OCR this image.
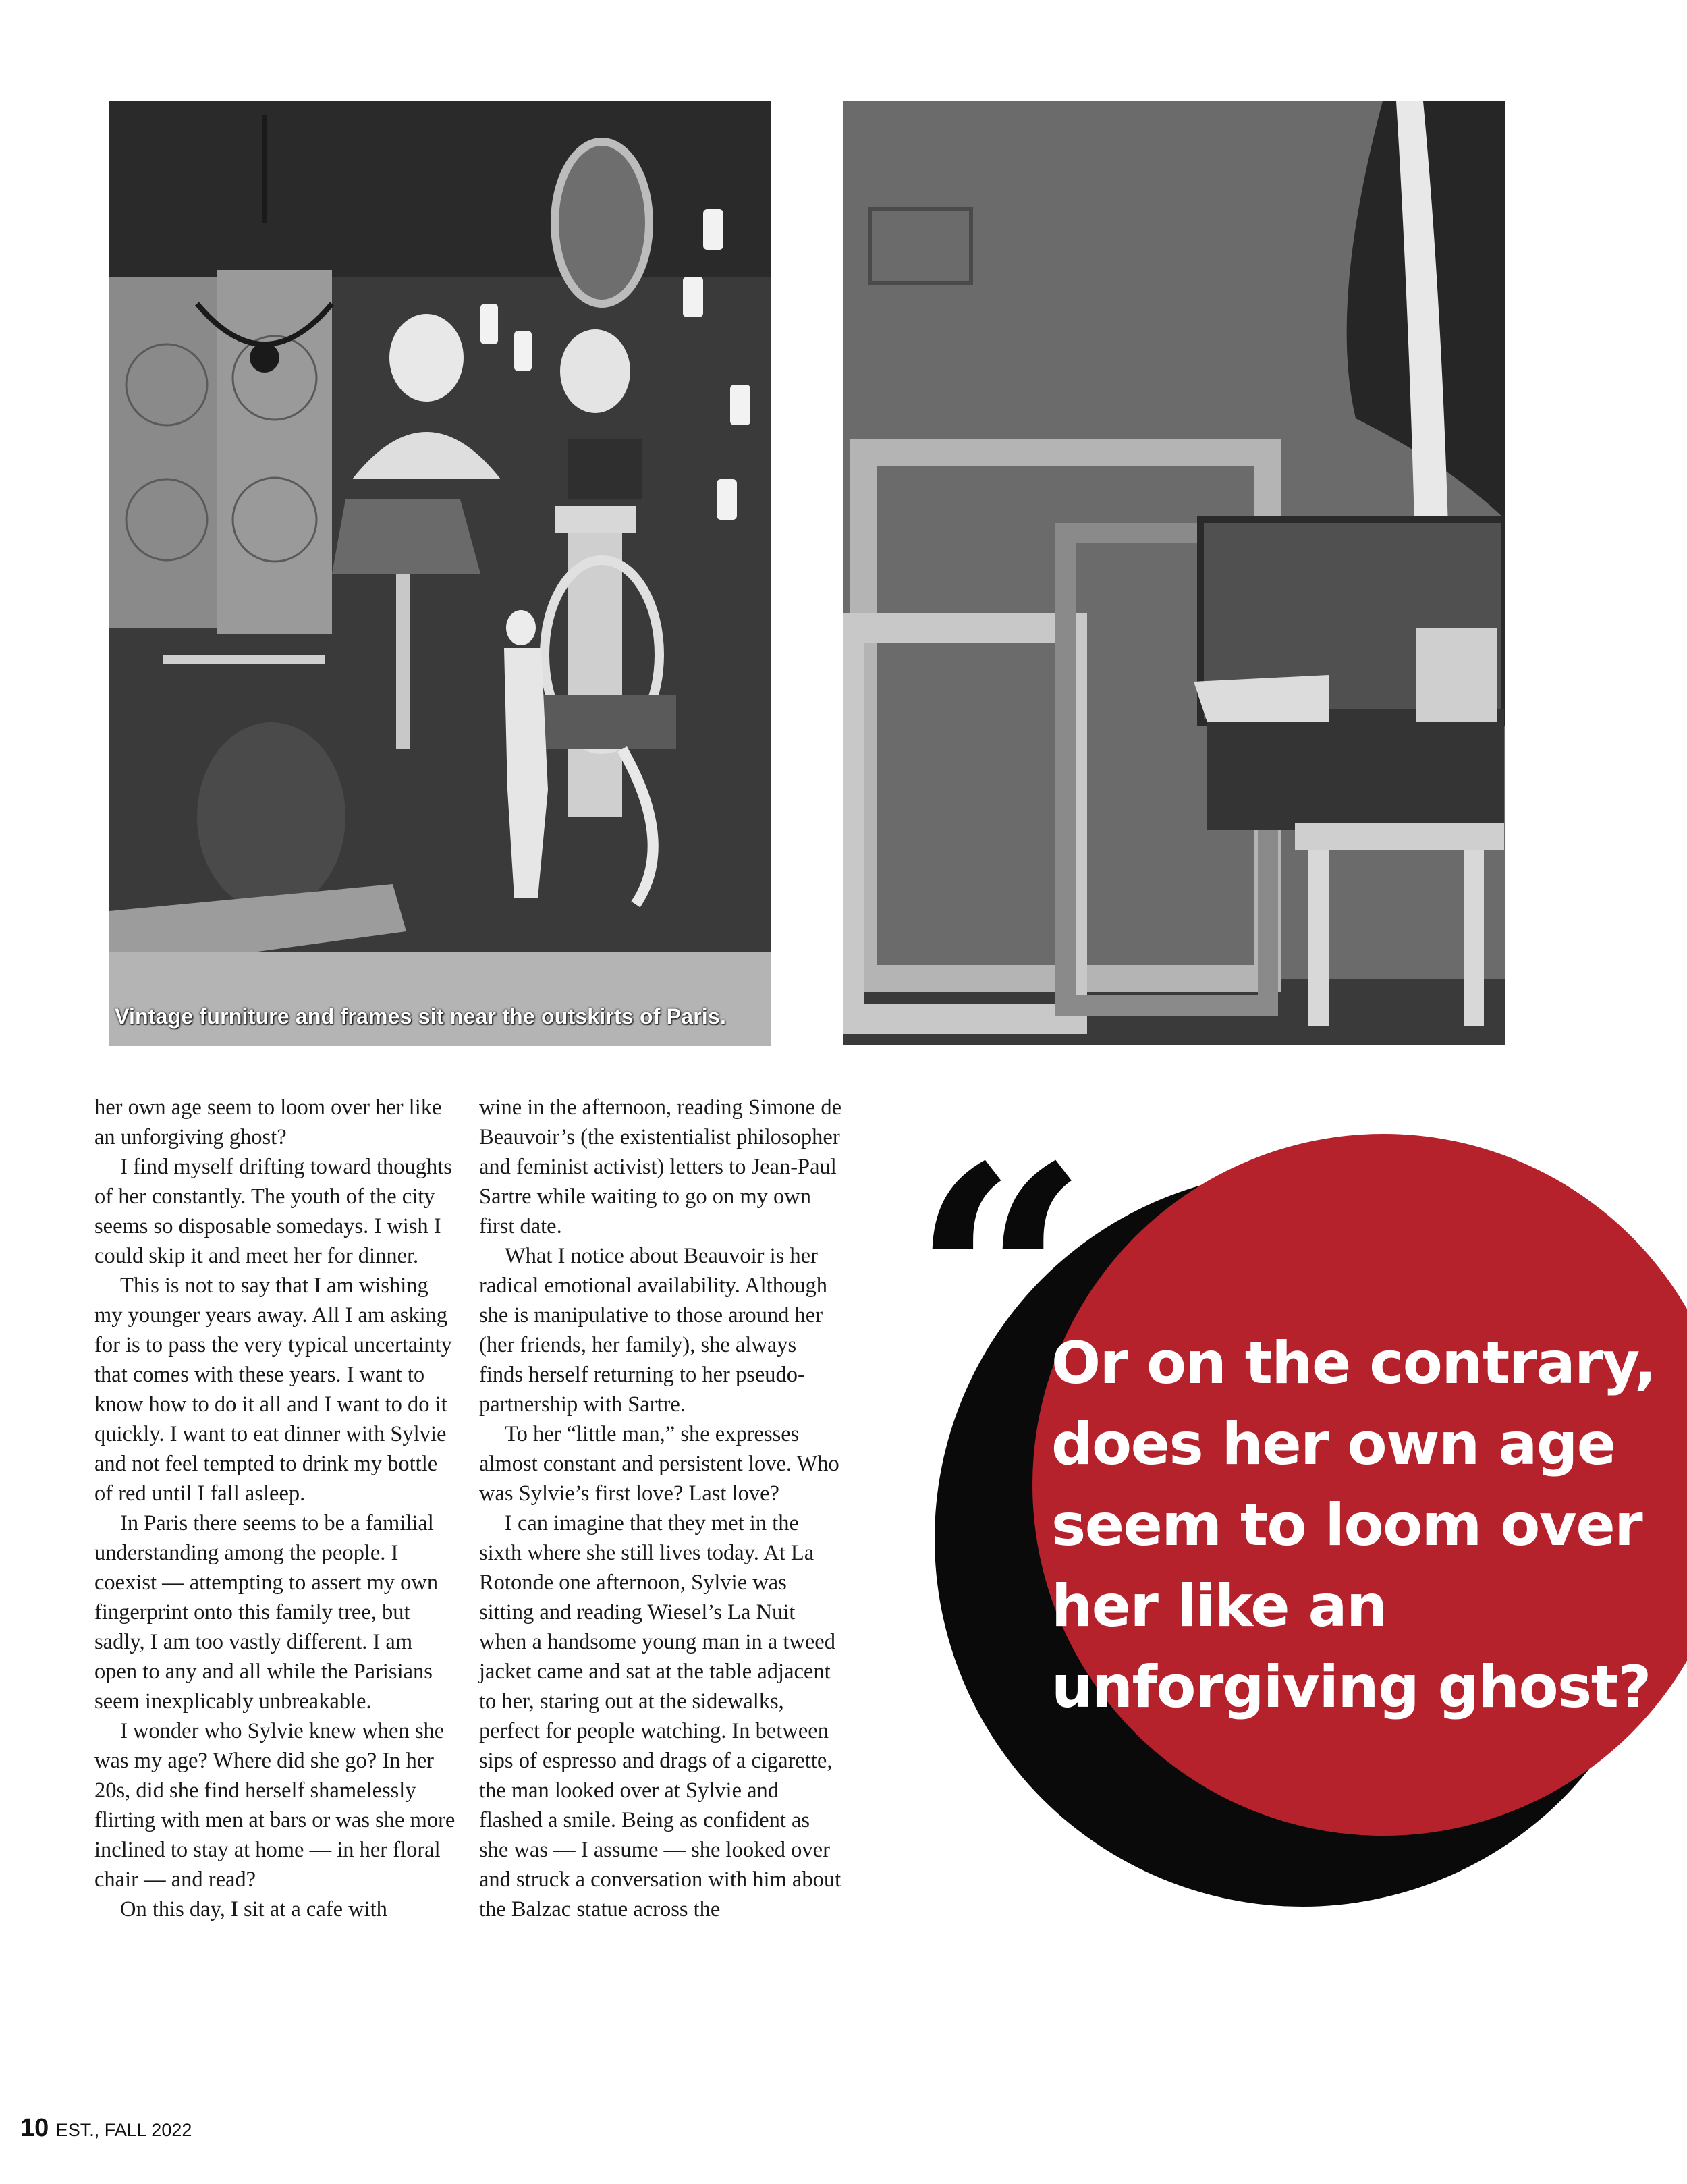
Vintage furniture and frames sit near the outskirts of Paris.

her own age seem to loom over her like an unforgiving ghost?

I find myself drifting toward thoughts of her constantly. The youth of the city seems so disposable somedays. I wish I could skip it and meet her for dinner.

This is not to say that I am wishing my younger years away. All I am asking for is to pass the very typical uncertainty that comes with these years. I want to know how to do it all and I want to do it quickly. I want to eat dinner with Sylvie and not feel tempted to drink my bottle of red until I fall asleep.

In Paris there seems to be a familial understanding among the people. I coexist — attempting to assert my own fingerprint onto this family tree, but sadly, I am too vastly different. I am open to any and all while the Parisians seem inexplicably unbreakable.

I wonder who Sylvie knew when she was my age? Where did she go? In her 20s, did she find herself shamelessly flirting with men at bars or was she more inclined to stay at home — in her floral chair — and read?

On this day, I sit at a cafe with

wine in the afternoon, reading Simone de Beauvoir’s (the existentialist philosopher and feminist activist) letters to Jean-Paul Sartre while waiting to go on my own first date.

What I notice about Beauvoir is her radical emotional availability. Although she is manipulative to those around her (her friends, her family), she always finds herself returning to her pseudo-partnership with Sartre.

To her “little man,” she expresses almost constant and persistent love. Who was Sylvie’s first love? Last love?

I can imagine that they met in the sixth where she still lives today. At La Rotonde one afternoon, Sylvie was sitting and reading Wiesel’s La Nuit when a handsome young man in a tweed jacket came and sat at the table adjacent to her, staring out at the sidewalks, perfect for people watching. In between sips of espresso and drags of a cigarette, the man looked over at Sylvie and flashed a smile. Being as confident as she was — I assume — she looked over and struck a conversation with him about the Balzac statue across the

“
Or on the contrary, does her own age seem to loom over her like an unforgiving ghost?
10 EST., FALL 2022
